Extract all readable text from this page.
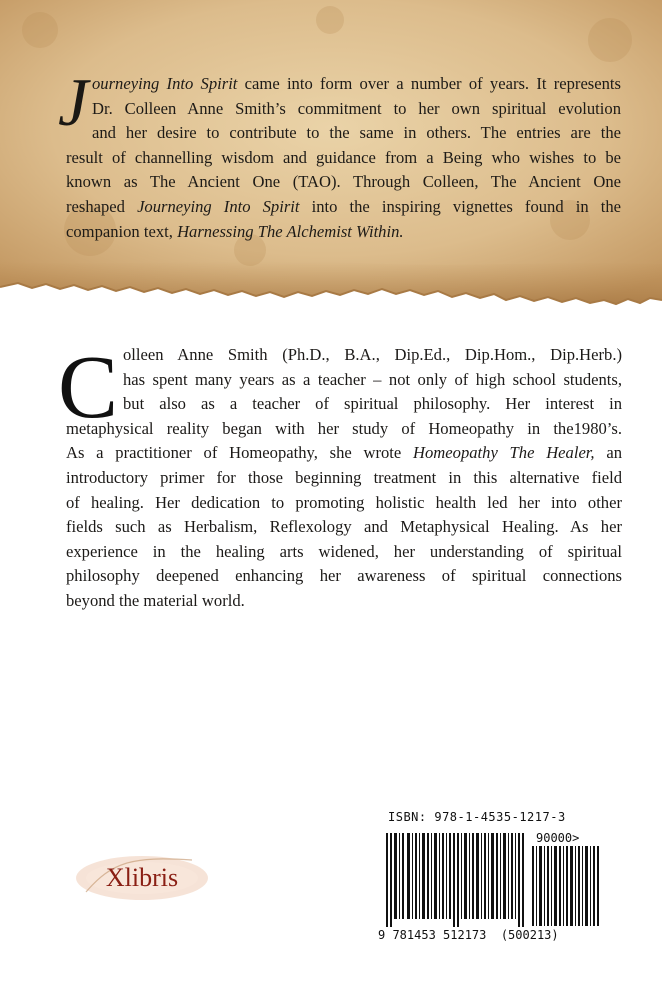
J ourneying Into Spirit came into form over a number of years. It represents
Dr. Colleen Anne Smith’s commitment to her own spiritual evolution
and her desire to contribute to the same in others. The entries are the
result of channelling wisdom and guidance from a Being who wishes to be
known as The Ancient One (TAO). Through Colleen, The Ancient One
reshaped Journeying Into Spirit into the inspiring vignettes found in the
companion text, Harnessing The Alchemist Within.
C olleen Anne Smith (Ph.D., B.A., Dip.Ed., Dip.Hom., Dip.Herb.)
has spent many years as a teacher – not only of high school students,
but also as a teacher of spiritual philosophy. Her interest in
metaphysical reality began with her study of Homeopathy in the1980’s.
As a practitioner of Homeopathy, she wrote Homeopathy The Healer, an
introductory primer for those beginning treatment in this alternative field
of healing. Her dedication to promoting holistic health led her into other
fields such as Herbalism, Reflexology and Metaphysical Healing. As her
experience in the healing arts widened, her understanding of spiritual
philosophy deepened enhancing her awareness of spiritual connections
beyond the material world.
Xlibris
ISBN: 978-1-4535-1217-3
90000>
9 781453 512173 (500213)
